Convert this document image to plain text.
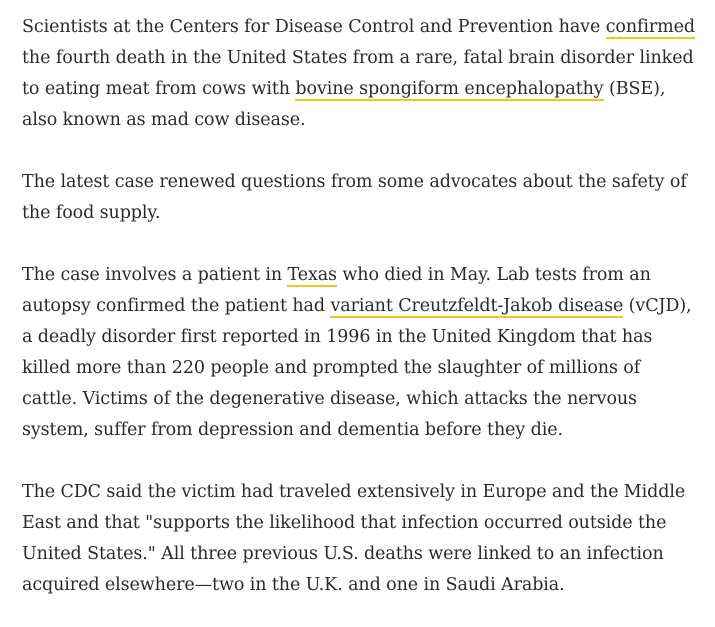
Scientists at the Centers for Disease Control and Prevention have confirmed the fourth death in the United States from a rare, fatal brain disorder linked to eating meat from cows with bovine spongiform encephalopathy (BSE), also known as mad cow disease.

The latest case renewed questions from some advocates about the safety of the food supply.

The case involves a patient in Texas who died in May. Lab tests from an autopsy confirmed the patient had variant Creutzfeldt-Jakob disease (vCJD), a deadly disorder first reported in 1996 in the United Kingdom that has killed more than 220 people and prompted the slaughter of millions of cattle. Victims of the degenerative disease, which attacks the nervous system, suffer from depression and dementia before they die.

The CDC said the victim had traveled extensively in Europe and the Middle East and that "supports the likelihood that infection occurred outside the United States." All three previous U.S. deaths were linked to an infection acquired elsewhere—two in the U.K. and one in Saudi Arabia.
